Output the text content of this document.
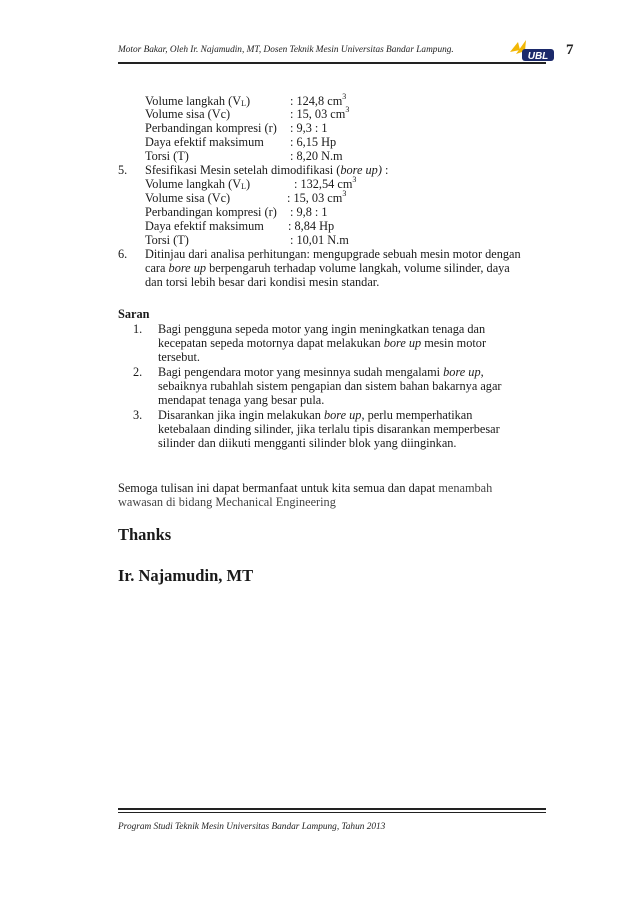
Motor Bakar, Oleh Ir. Najamudin, MT, Dosen Teknik Mesin Universitas Bandar Lampung.
UBL 7
Volume langkah $(V_L)$	: 124,8 $cm^3$
Volume sisa (Vc)	: 15, 03 $cm^3$
Perbandingan kompresi (r) : 9,3 : 1
Daya efektif maksimum : 6,15 Hp
Torsi (T)	: 8,20 N.m
5. Sfesifikasi Mesin setelah dimodifikasi (bore up) :
Volume langkah $(V_L)$	: 132,54 $cm^3$
Volume sisa (Vc)	: 15, 03 $cm^3$
Perbandingan kompresi (r) : 9,8 : 1
Daya efektif maksimum : 8,84 Hp
Torsi (T)	: 10,01 N.m
6. Ditinjau dari analisa perhitungan: mengupgrade sebuah mesin motor dengan
cara bore up berpengaruh terhadap volume langkah, volume silinder, daya
dan torsi lebih besar dari kondisi mesin standar.
Saran
1. Bagi pengguna sepeda motor yang ingin meningkatkan tenaga dan
kecepatan sepeda motornya dapat melakukan bore up mesin motor
tersebut.
2. Bagi pengendara motor yang mesinnya sudah mengalami bore up,
sebaiknya rubahlah sistem pengapian dan sistem bahan bakarnya agar
mendapat tenaga yang besar pula.
3. Disarankan jika ingin melakukan bore up, perlu memperhatikan
ketebalaan dinding silinder, jika terlalu tipis disarankan memperbesar
silinder dan diikuti mengganti silinder blok yang diinginkan.
Semoga tulisan ini dapat bermanfaat untuk kita semua dan dapat menambah
wawasan di bidang Mechanical Engineering
Thanks
Ir. Najamudin, MT
Program Studi Teknik Mesin Universitas Bandar Lampung, Tahun 2013
